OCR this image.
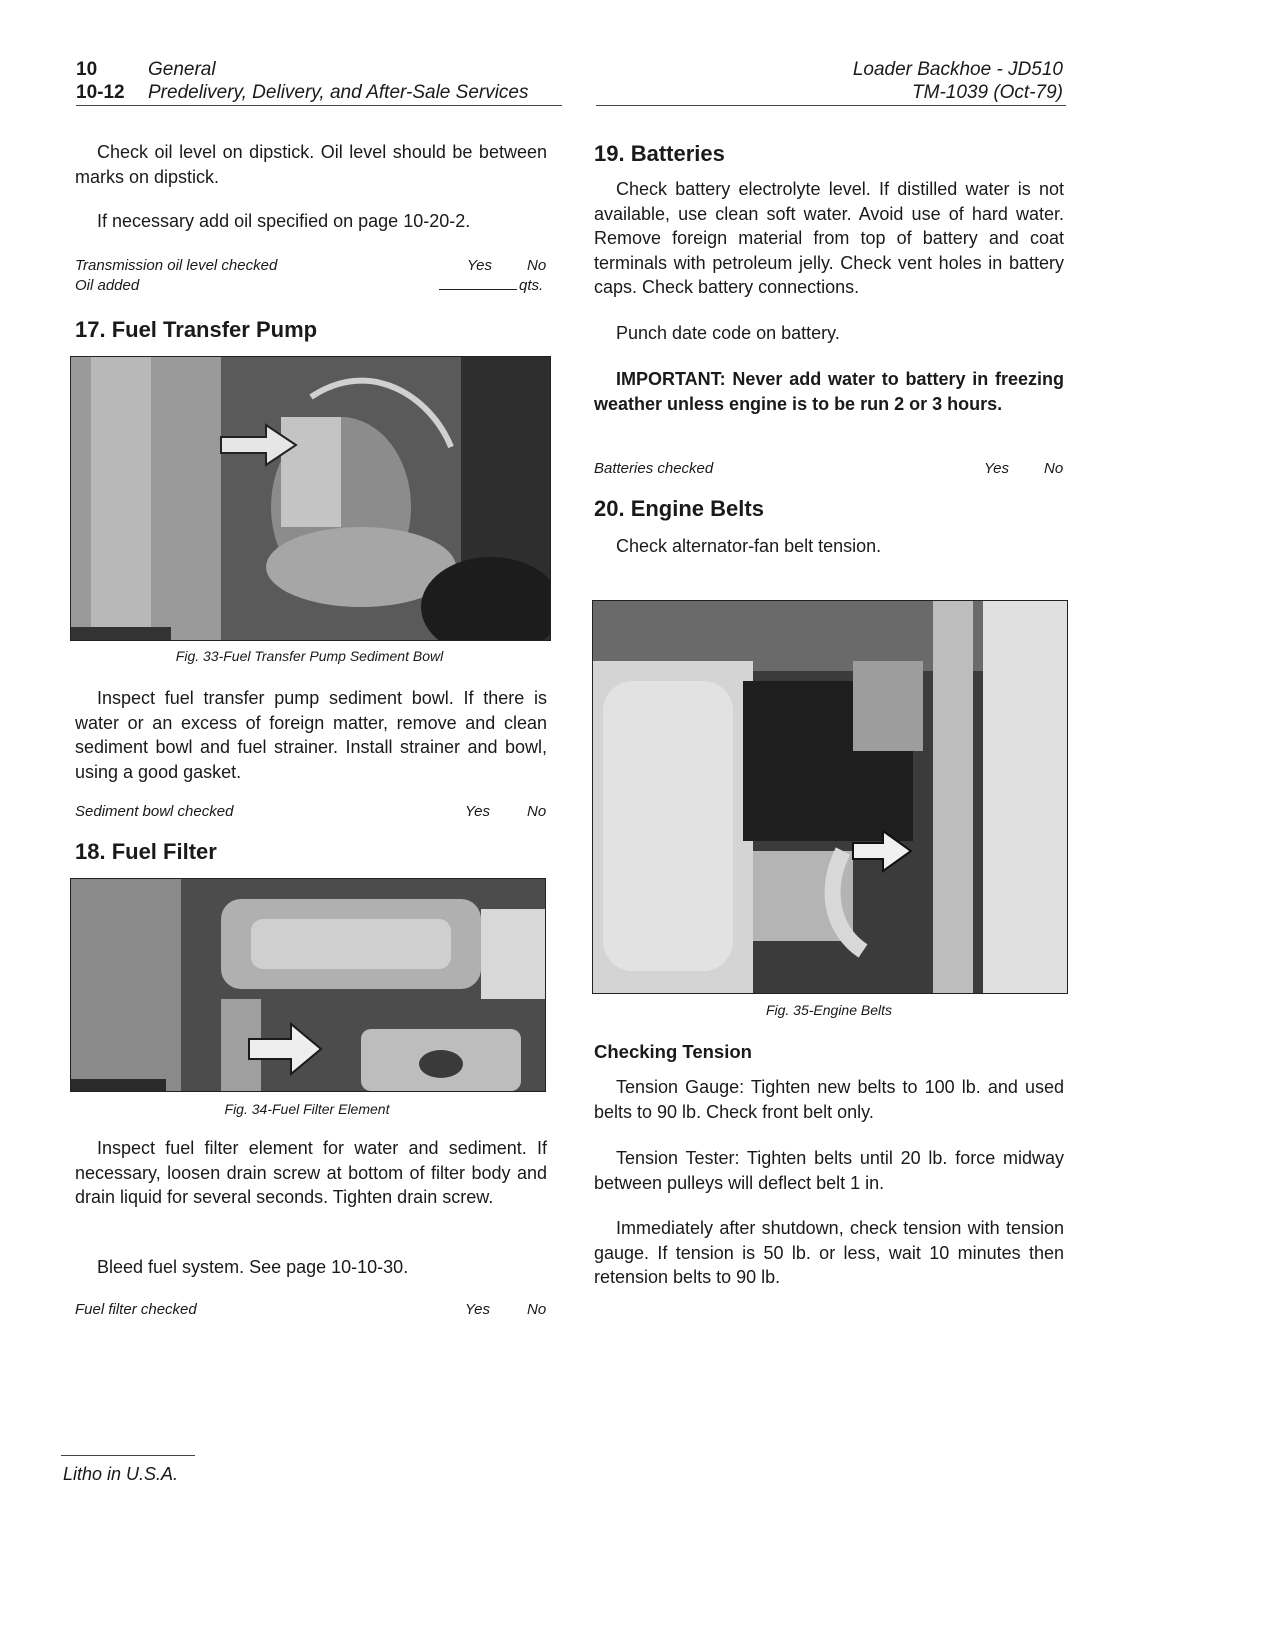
10	General
10-12 Predelivery, Delivery, and After-Sale Services
Loader Backhoe - JD510
TM-1039 (Oct-79)
Check oil level on dipstick. Oil level should be between marks on dipstick.
If necessary add oil specified on page 10-20-2.
Transmission oil level checked	Yes No
Oil added	qts.
17. Fuel Transfer Pump
Fig. 33-Fuel Transfer Pump Sediment Bowl
Inspect fuel transfer pump sediment bowl. If there is water or an excess of foreign matter, remove and clean sediment bowl and fuel strainer. Install strainer and bowl, using a good gasket.
Sediment bowl checked	Yes No
18. Fuel Filter
Fig. 34-Fuel Filter Element
Inspect fuel filter element for water and sediment. If necessary, loosen drain screw at bottom of filter body and drain liquid for several seconds. Tighten drain screw.
Bleed fuel system. See page 10-10-30.
Fuel filter checked	Yes No
19. Batteries
Check battery electrolyte level. If distilled water is not available, use clean soft water. Avoid use of hard water. Remove foreign material from top of battery and coat terminals with petroleum jelly. Check vent holes in battery caps. Check battery connections.
Punch date code on battery.
IMPORTANT: Never add water to battery in freezing weather unless engine is to be run 2 or 3 hours.
Batteries checked	Yes No
20. Engine Belts
Check alternator-fan belt tension.
Fig. 35-Engine Belts
Checking Tension
Tension Gauge: Tighten new belts to 100 lb. and used belts to 90 lb. Check front belt only.
Tension Tester: Tighten belts until 20 lb. force midway between pulleys will deflect belt 1 in.
Immediately after shutdown, check tension with tension gauge. If tension is 50 lb. or less, wait 10 minutes then retension belts to 90 lb.
Litho in U.S.A.
